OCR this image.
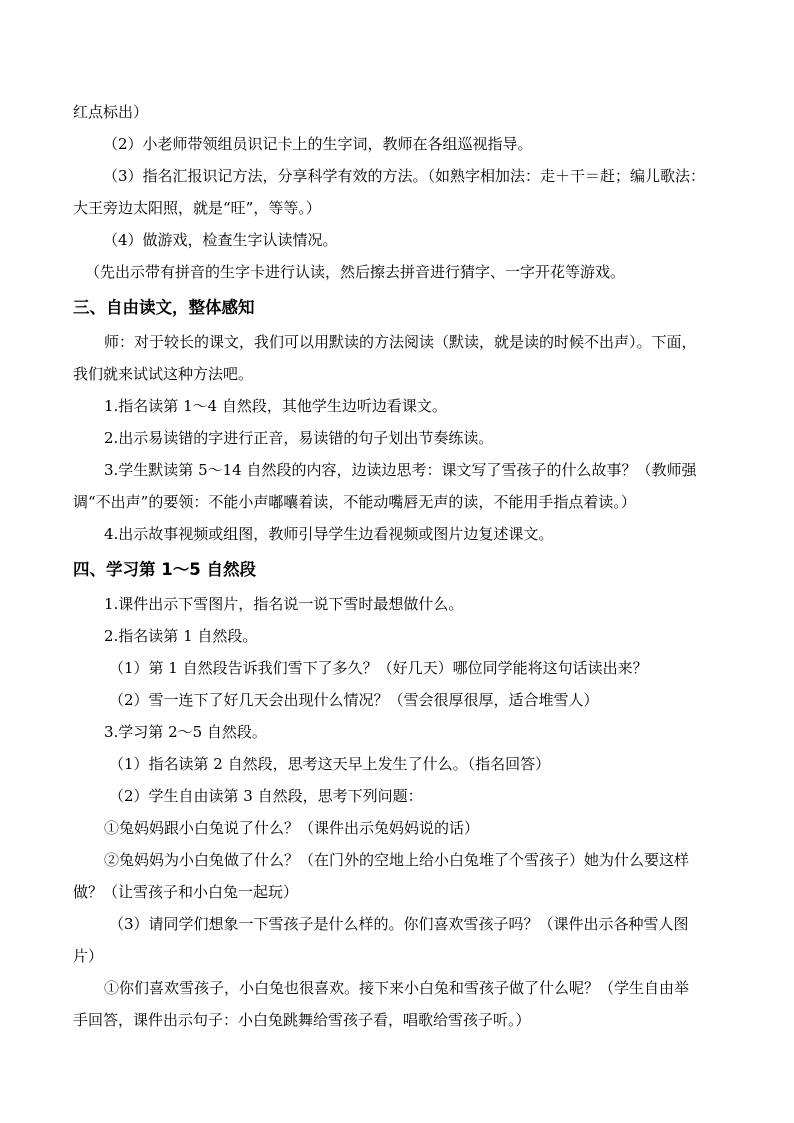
红点标出）
（2）小老师带领组员识记卡上的生字词，教师在各组巡视指导。
（3）指名汇报识记方法，分享科学有效的方法。（如熟字相加法：走＋干＝赶；编儿歌法：
大王旁边太阳照，就是“旺”，等等。）
（4）做游戏，检查生字认读情况。
（先出示带有拼音的生字卡进行认读，然后擦去拼音进行猜字、一字开花等游戏。
三、自由读文，整体感知
师：对于较长的课文，我们可以用默读的方法阅读（默读，就是读的时候不出声）。下面，
我们就来试试这种方法吧。
1.指名读第 1～4 自然段，其他学生边听边看课文。
2.出示易读错的字进行正音，易读错的句子划出节奏练读。
3.学生默读第 5～14 自然段的内容，边读边思考：课文写了雪孩子的什么故事？（教师强
调“不出声”的要领：不能小声嘟囔着读，不能动嘴唇无声的读，不能用手指点着读。）
4.出示故事视频或组图，教师引导学生边看视频或图片边复述课文。
四、学习第 1～5 自然段
1.课件出示下雪图片，指名说一说下雪时最想做什么。
2.指名读第 1 自然段。
（1）第 1 自然段告诉我们雪下了多久？（好几天）哪位同学能将这句话读出来？
（2）雪一连下了好几天会出现什么情况？（雪会很厚很厚，适合堆雪人）
3.学习第 2～5 自然段。
（1）指名读第 2 自然段，思考这天早上发生了什么。（指名回答）
（2）学生自由读第 3 自然段，思考下列问题：
①兔妈妈跟小白兔说了什么？（课件出示兔妈妈说的话）
②兔妈妈为小白兔做了什么？（在门外的空地上给小白兔堆了个雪孩子）她为什么要这样
做？（让雪孩子和小白兔一起玩）
（3）请同学们想象一下雪孩子是什么样的。你们喜欢雪孩子吗？（课件出示各种雪人图
片）
①你们喜欢雪孩子，小白兔也很喜欢。接下来小白兔和雪孩子做了什么呢？（学生自由举
手回答，课件出示句子：小白兔跳舞给雪孩子看，唱歌给雪孩子听。）
